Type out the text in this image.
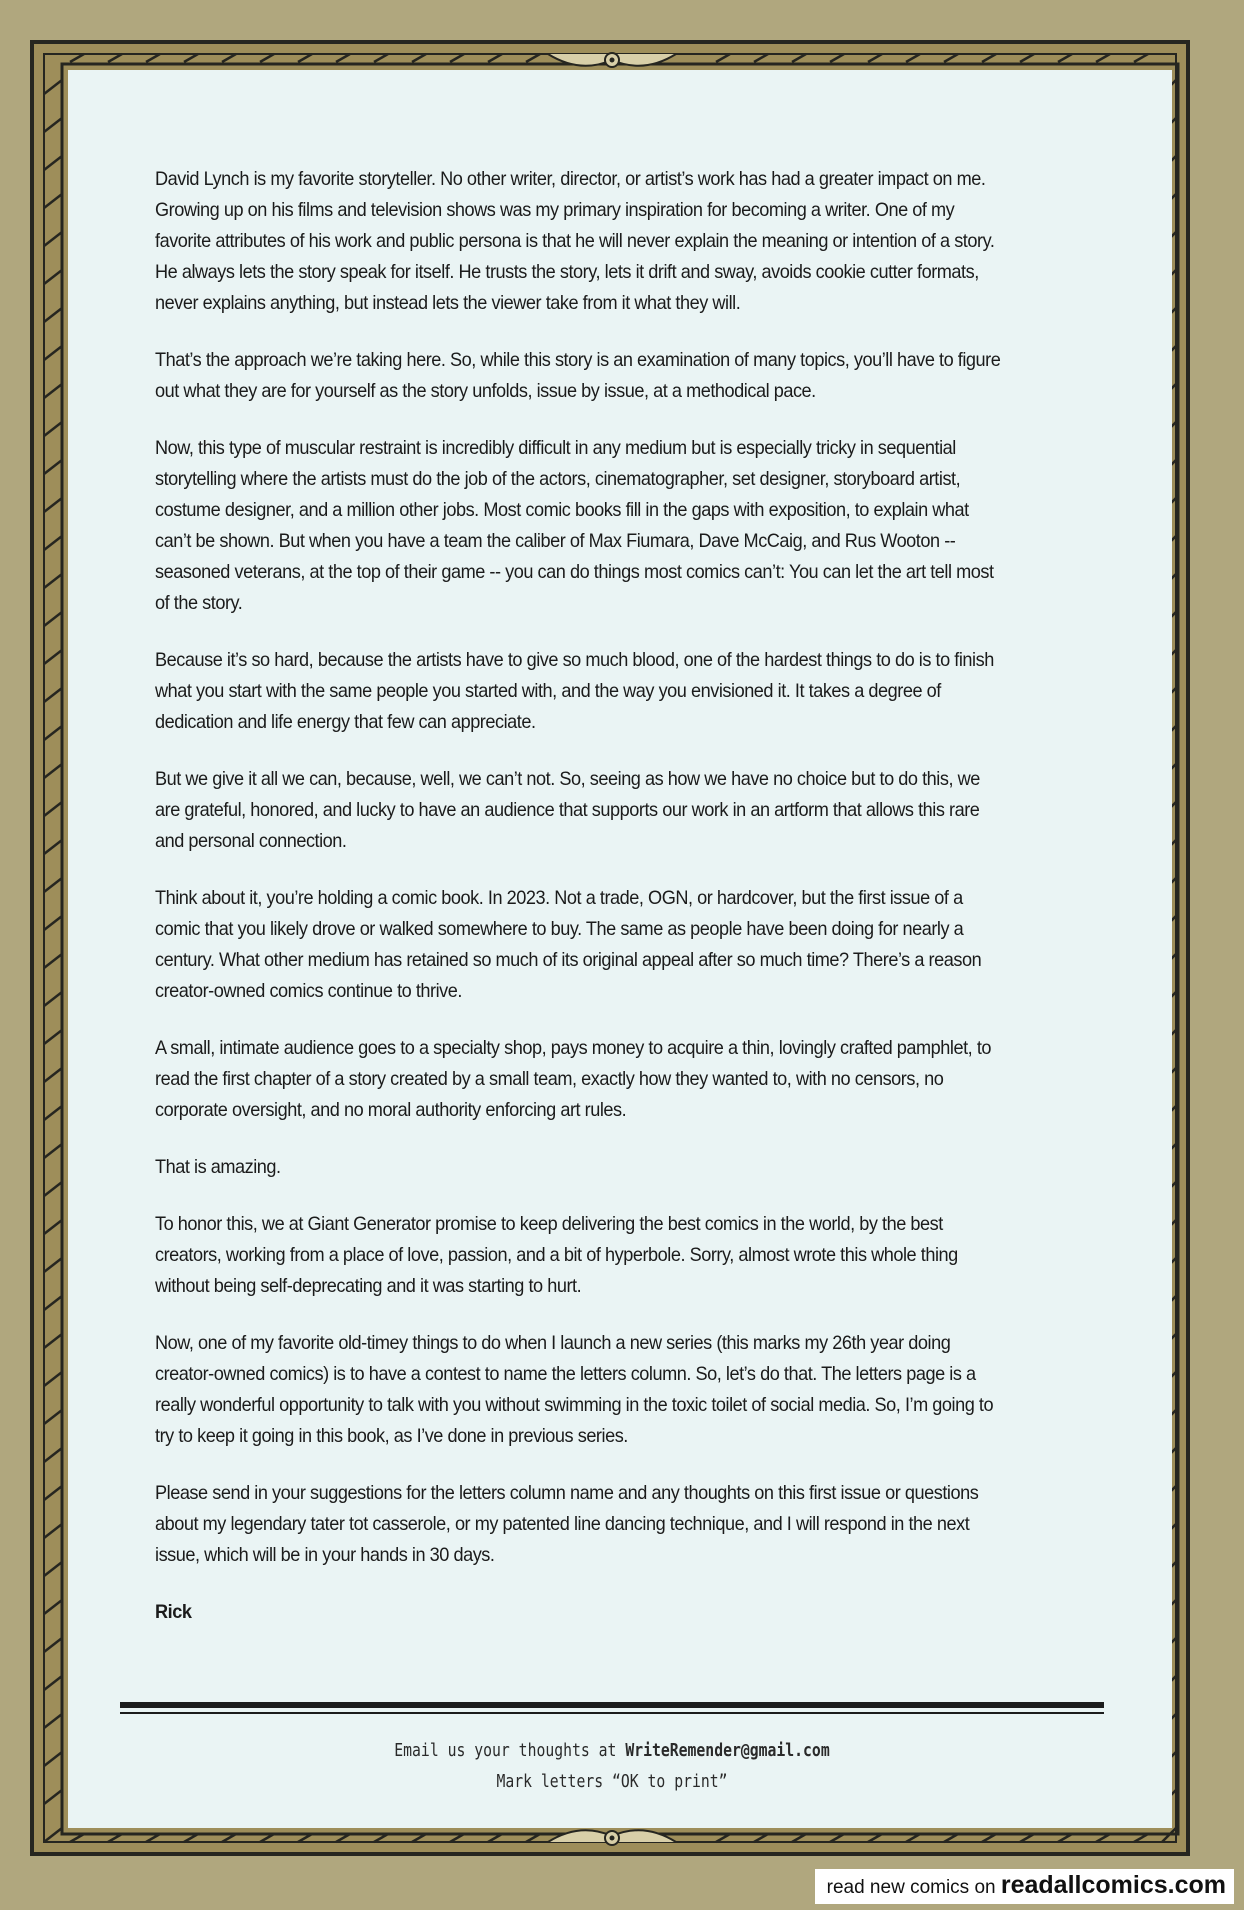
David Lynch is my favorite storyteller. No other writer, director, or artist’s work has had a greater impact on me. Growing up on his films and television shows was my primary inspiration for becoming a writer. One of my favorite attributes of his work and public persona is that he will never explain the meaning or intention of a story. He always lets the story speak for itself. He trusts the story, lets it drift and sway, avoids cookie cutter formats, never explains anything, but instead lets the viewer take from it what they will.

That’s the approach we’re taking here. So, while this story is an examination of many topics, you’ll have to figure out what they are for yourself as the story unfolds, issue by issue, at a methodical pace.

Now, this type of muscular restraint is incredibly difficult in any medium but is especially tricky in sequential storytelling where the artists must do the job of the actors, cinematographer, set designer, storyboard artist, costume designer, and a million other jobs. Most comic books fill in the gaps with exposition, to explain what can’t be shown. But when you have a team the caliber of Max Fiumara, Dave McCaig, and Rus Wooton -- seasoned veterans, at the top of their game -- you can do things most comics can’t: You can let the art tell most of the story.

Because it’s so hard, because the artists have to give so much blood, one of the hardest things to do is to finish what you start with the same people you started with, and the way you envisioned it. It takes a degree of dedication and life energy that few can appreciate.

But we give it all we can, because, well, we can’t not. So, seeing as how we have no choice but to do this, we are grateful, honored, and lucky to have an audience that supports our work in an artform that allows this rare and personal connection.

Think about it, you’re holding a comic book. In 2023. Not a trade, OGN, or hardcover, but the first issue of a comic that you likely drove or walked somewhere to buy. The same as people have been doing for nearly a century. What other medium has retained so much of its original appeal after so much time? There’s a reason creator-owned comics continue to thrive.

A small, intimate audience goes to a specialty shop, pays money to acquire a thin, lovingly crafted pamphlet, to read the first chapter of a story created by a small team, exactly how they wanted to, with no censors, no corporate oversight, and no moral authority enforcing art rules.

That is amazing.

To honor this, we at Giant Generator promise to keep delivering the best comics in the world, by the best creators, working from a place of love, passion, and a bit of hyperbole. Sorry, almost wrote this whole thing without being self-deprecating and it was starting to hurt.

Now, one of my favorite old-timey things to do when I launch a new series (this marks my 26th year doing creator-owned comics) is to have a contest to name the letters column. So, let’s do that. The letters page is a really wonderful opportunity to talk with you without swimming in the toxic toilet of social media. So, I’m going to try to keep it going in this book, as I’ve done in previous series.

Please send in your suggestions for the letters column name and any thoughts on this first issue or questions about my legendary tater tot casserole, or my patented line dancing technique, and I will respond in the next issue, which will be in your hands in 30 days.

Rick

Email us your thoughts at WriteRemender@gmail.com
Mark letters “OK to print”
read new comics on readallcomics.com
